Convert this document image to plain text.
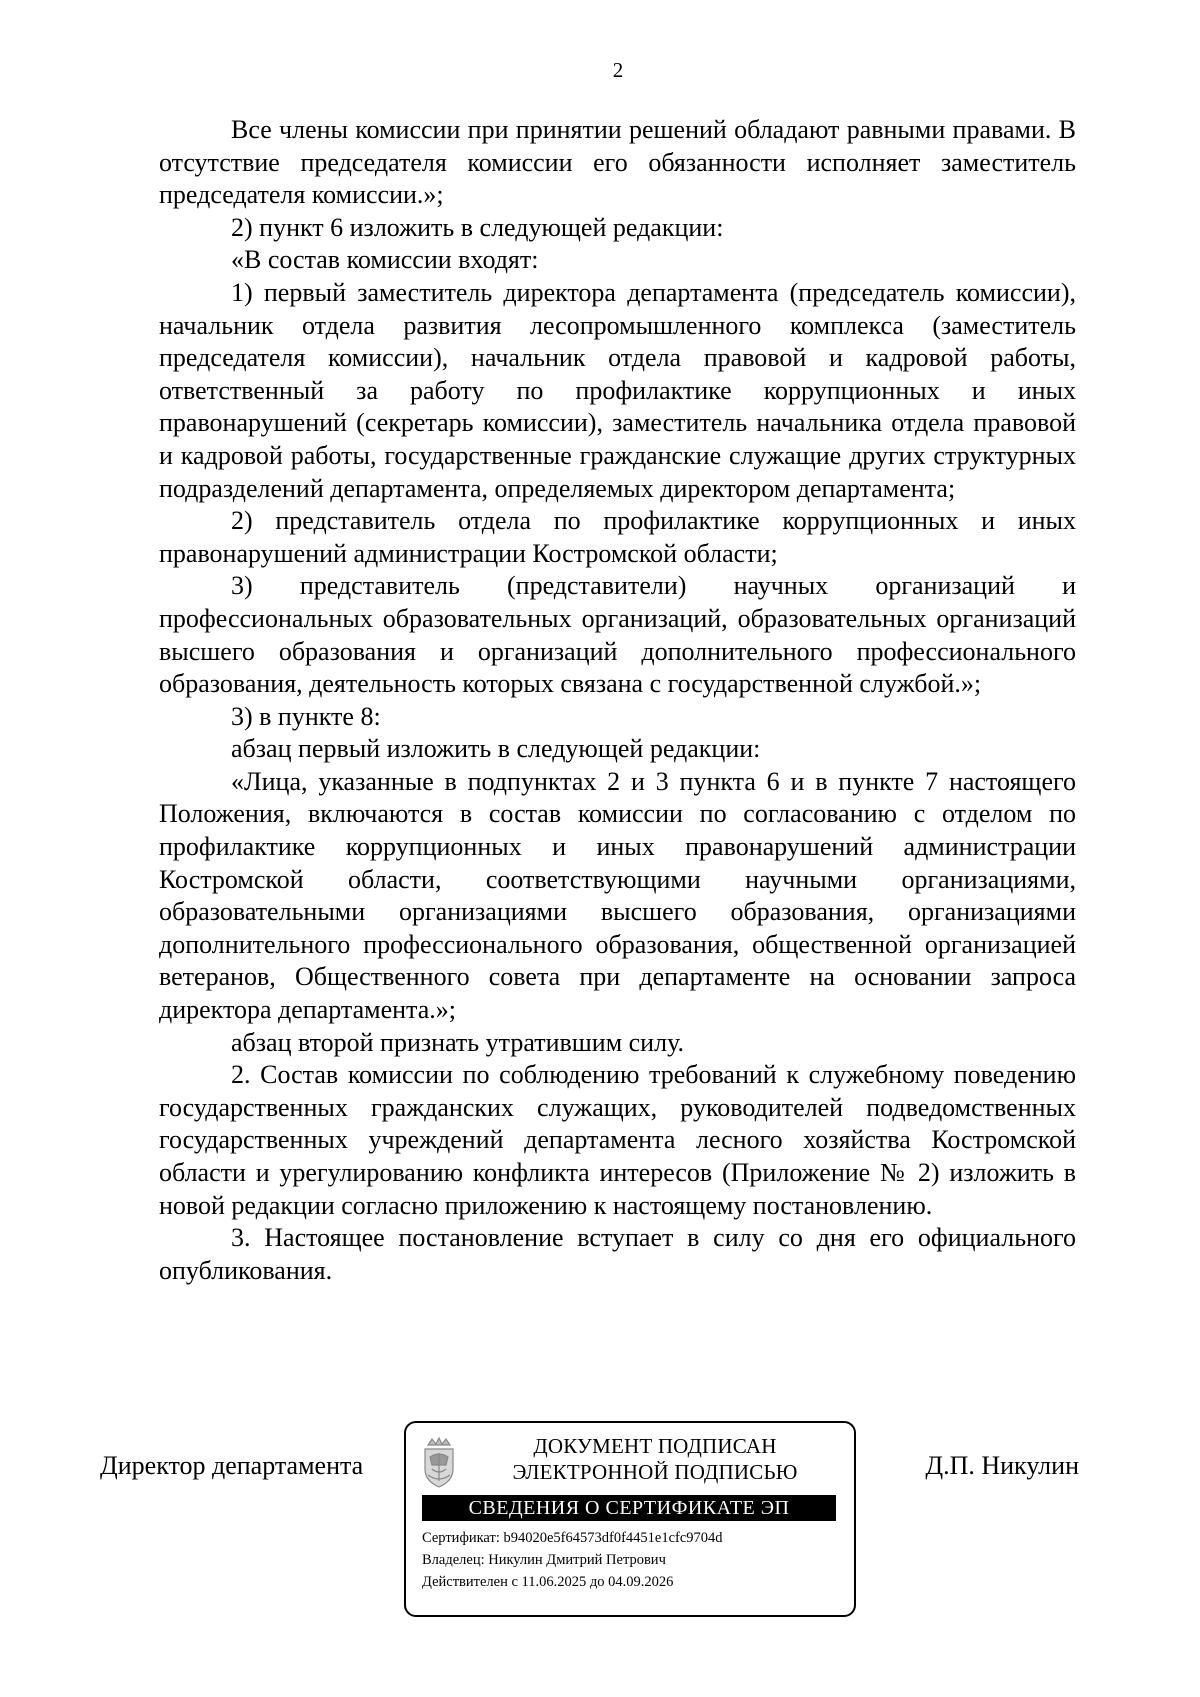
2

Все члены комиссии при принятии решений обладают равными правами. В отсутствие председателя комиссии его обязанности исполняет заместитель председателя комиссии.»;

2) пункт 6 изложить в следующей редакции:

«В состав комиссии входят:

1) первый заместитель директора департамента (председатель комиссии), начальник отдела развития лесопромышленного комплекса (заместитель председателя комиссии), начальник отдела правовой и кадровой работы, ответственный за работу по профилактике коррупционных и иных правонарушений (секретарь комиссии), заместитель начальника отдела правовой и кадровой работы, государственные гражданские служащие других структурных подразделений департамента, определяемых директором департамента;

2) представитель отдела по профилактике коррупционных и иных правонарушений администрации Костромской области;

3) представитель (представители) научных организаций и профессиональных образовательных организаций, образовательных организаций высшего образования и организаций дополнительного профессионального образования, деятельность которых связана с государственной службой.»;

3) в пункте 8:

абзац первый изложить в следующей редакции:

«Лица, указанные в подпунктах 2 и 3 пункта 6 и в пункте 7 настоящего Положения, включаются в состав комиссии по согласованию с отделом по профилактике коррупционных и иных правонарушений администрации Костромской области, соответствующими научными организациями, образовательными организациями высшего образования, организациями дополнительного профессионального образования, общественной организацией ветеранов, Общественного совета при департаменте на основании запроса директора департамента.»;

абзац второй признать утратившим силу.

2. Состав комиссии по соблюдению требований к служебному поведению государственных гражданских служащих, руководителей подведомственных государственных учреждений департамента лесного хозяйства Костромской области и урегулированию конфликта интересов (Приложение № 2) изложить в новой редакции согласно приложению к настоящему постановлению.

3. Настоящее постановление вступает в силу со дня его официального опубликования.

Директор департамента	Д.П. Никулин
ДОКУМЕНТ ПОДПИСАН
ЭЛЕКТРОННОЙ ПОДПИСЬЮ
СВЕДЕНИЯ О СЕРТИФИКАТЕ ЭП
Сертификат: b94020e5f64573df0f4451e1cfc9704d
Владелец: Никулин Дмитрий Петрович
Действителен с 11.06.2025 до 04.09.2026
